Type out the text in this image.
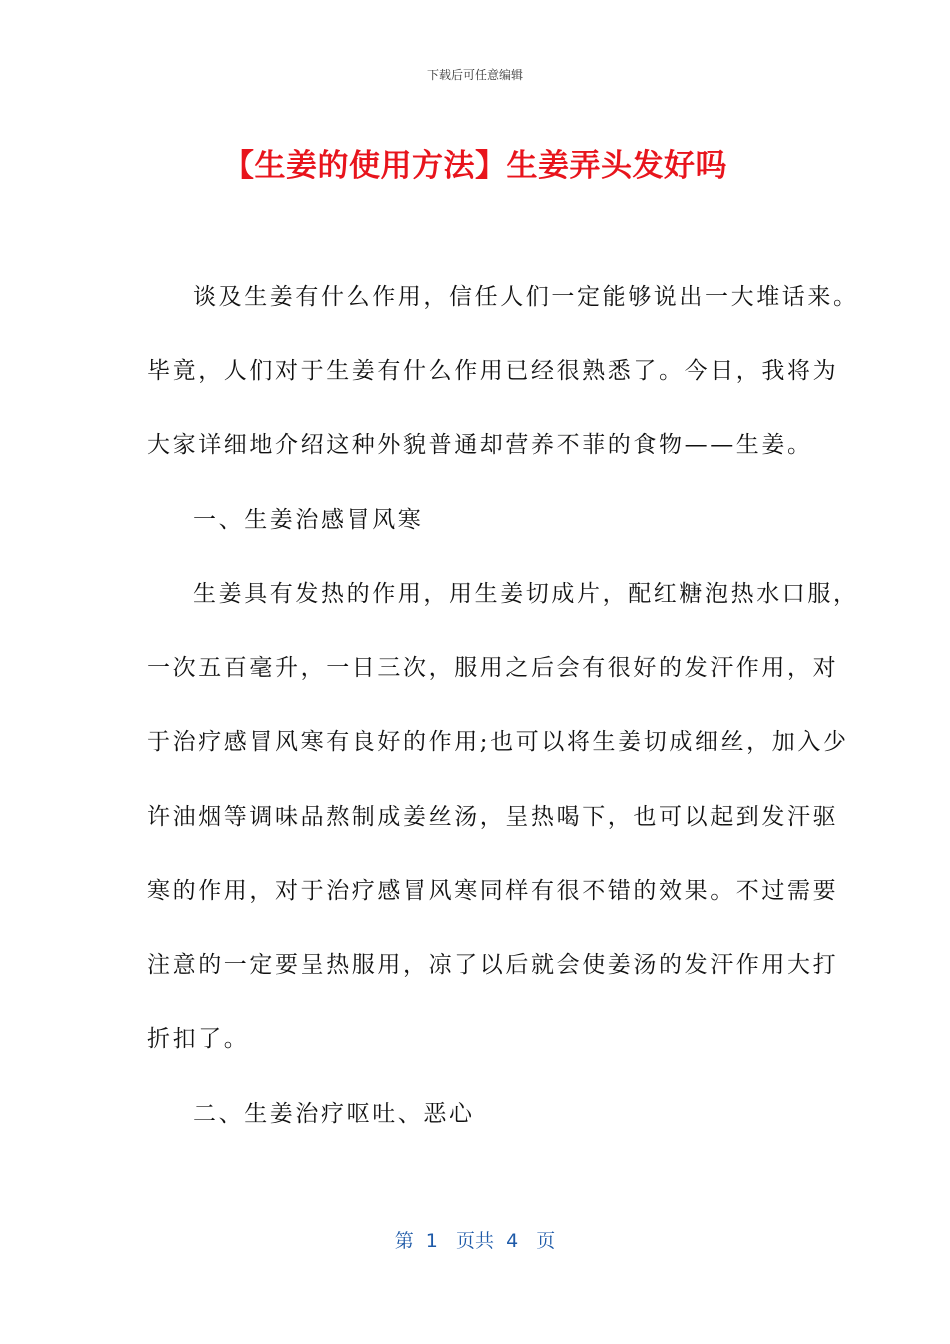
下载后可任意编辑
【生姜的使用方法】生姜弄头发好吗
谈及生姜有什么作用，信任人们一定能够说出一大堆话来。
毕竟，人们对于生姜有什么作用已经很熟悉了。今日，我将为
大家详细地介绍这种外貌普通却营养不菲的食物——生姜。
一、生姜治感冒风寒
生姜具有发热的作用，用生姜切成片，配红糖泡热水口服，
一次五百毫升，一日三次，服用之后会有很好的发汗作用，对
于治疗感冒风寒有良好的作用;也可以将生姜切成细丝，加入少
许油烟等调味品熬制成姜丝汤，呈热喝下，也可以起到发汗驱
寒的作用，对于治疗感冒风寒同样有很不错的效果。不过需要
注意的一定要呈热服用，凉了以后就会使姜汤的发汗作用大打
折扣了。
二、生姜治疗呕吐、恶心
第  1   页共  4   页
